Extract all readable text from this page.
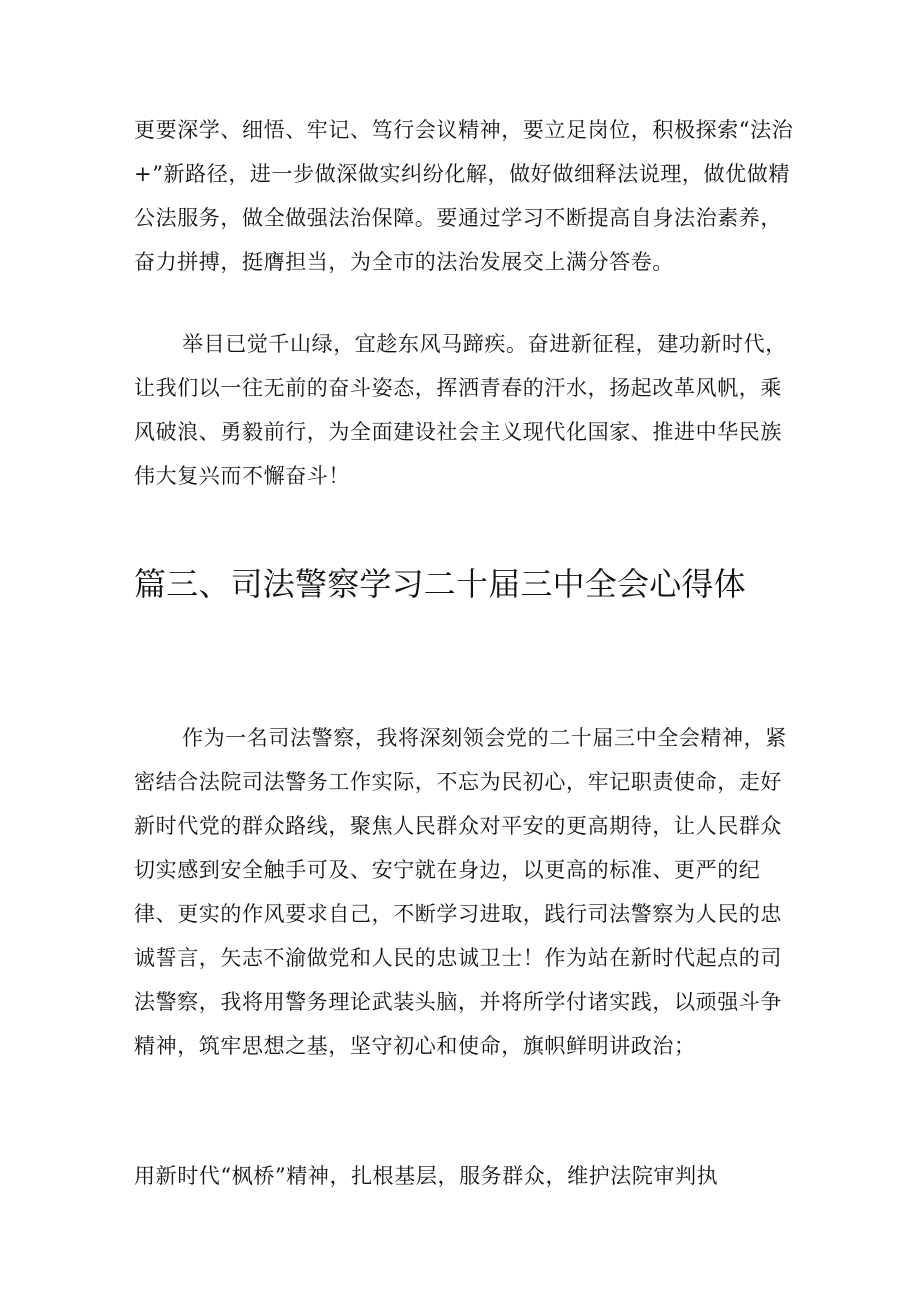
更要深学、细悟、牢记、笃行会议精神，要立足岗位，积极探索“法治+”新路径，进一步做深做实纠纷化解，做好做细释法说理，做优做精公法服务，做全做强法治保障。要通过学习不断提高自身法治素养，奋力拼搏，挺膺担当，为全市的法治发展交上满分答卷。

举目已觉千山绿，宜趁东风马蹄疾。奋进新征程，建功新时代，让我们以一往无前的奋斗姿态，挥洒青春的汗水，扬起改革风帆，乘风破浪、勇毅前行，为全面建设社会主义现代化国家、推进中华民族伟大复兴而不懈奋斗！

篇三、司法警察学习二十届三中全会心得体

作为一名司法警察，我将深刻领会党的二十届三中全会精神，紧密结合法院司法警务工作实际，不忘为民初心，牢记职责使命，走好新时代党的群众路线，聚焦人民群众对平安的更高期待，让人民群众切实感到安全触手可及、安宁就在身边，以更高的标准、更严的纪律、更实的作风要求自己，不断学习进取，践行司法警察为人民的忠诚誓言，矢志不渝做党和人民的忠诚卫士！作为站在新时代起点的司法警察，我将用警务理论武装头脑，并将所学付诸实践，以顽强斗争精神，筑牢思想之基，坚守初心和使命，旗帜鲜明讲政治；

用新时代“枫桥”精神，扎根基层，服务群众，维护法院审判执
